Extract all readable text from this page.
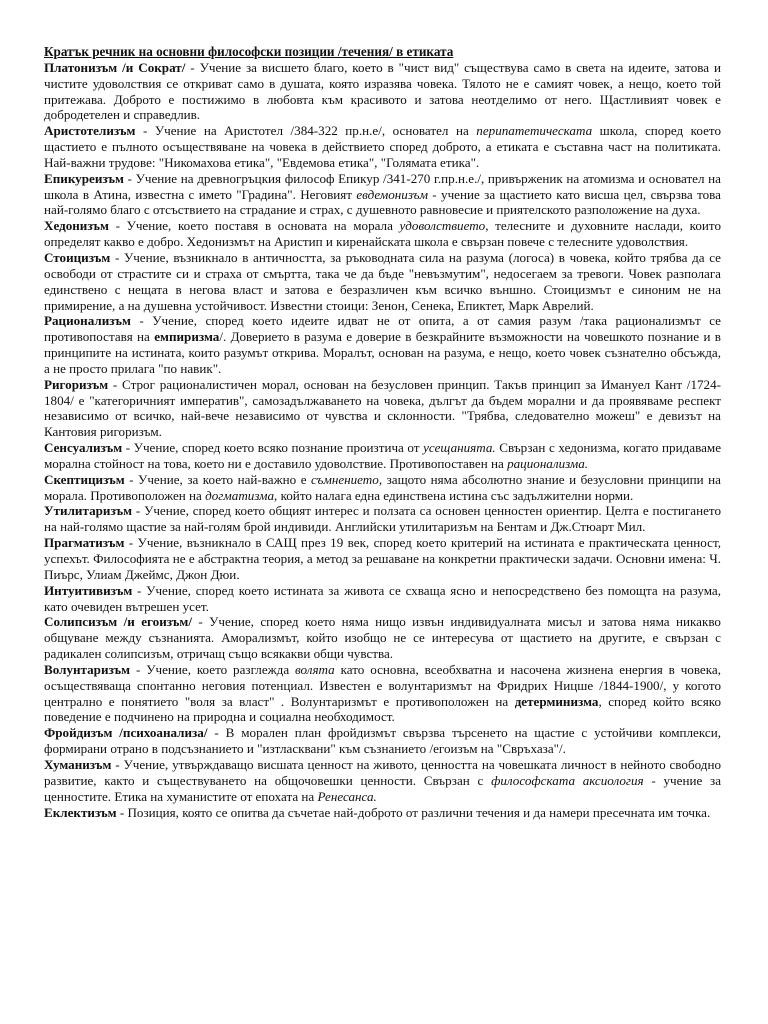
Кратък речник на основни философски позиции /течения/ в етиката

Платонизъм /и Сократ/ - Учение за висшето благо, което в "чист вид" съществува само в света на идеите, затова и чистите удоволствия се откриват само в душата, която изразява човека. Тялото не е самият човек, а нещо, което той притежава. Доброто е постижимо в любовта към красивото и затова неотделимо от него. Щастливият човек е добродетелен и справедлив.

Аристотелизъм - Учение на Аристотел /384-322 пр.н.е/, основател на перипатетическата школа, според което щастието е пълното осъществяване на човека в действието според доброто, а етиката е съставна част на политиката. Най-важни трудове: "Никомахова етика", "Евдемова етика", "Голямата етика".

Епикуреизъм - Учение на древногръцкия философ Епикур /341-270 г.пр.н.е./, привърженик на атомизма и основател на школа в Атина, известна с името "Градина". Неговият евдемонизъм - учение за щастието като висша цел, свързва това най-голямо благо с отсъствието на страдание и страх, с душевното равновесие и приятелското разположение на духа.

Хедонизъм - Учение, което поставя в основата на морала удоволствието, телесните и духовните наслади, които определят какво е добро. Хедонизмът на Аристип и киренайската школа е свързан повече с телесните удоволствия.

Стоицизъм - Учение, възникнало в античността, за ръководната сила на разума (логоса) в човека, който трябва да се освободи от страстите си и страха от смъртта, така че да бъде "невъзмутим", недосегаем за тревоги. Човек разполага единствено с нещата в негова власт и затова е безразличен към всичко външно. Стоицизмът е синоним не на примирение, а на душевна устойчивост. Известни стоици: Зенон, Сенека, Епиктет, Марк Аврелий.

Рационализъм - Учение, според което идеите идват не от опита, а от самия разум /така рационализмът се противопоставя на емпиризма/. Доверието в разума е доверие в безкрайните възможности на човешкото познание и в принципите на истината, които разумът открива. Моралът, основан на разума, е нещо, което човек съзнателно обсъжда, а не просто прилага "по навик".

Ригоризъм - Строг рационалистичен морал, основан на безусловен принцип. Такъв принцип за Имануел Кант /1724-1804/ е "категоричният императив", самозадължаването на човека, дългът да бъдем морални и да проявяваме респект независимо от всичко, най-вече независимо от чувства и склонности. "Трябва, следователно можеш" е девизът на Кантовия ригоризъм.

Сенсуализъм - Учение, според което всяко познание произтича от усещанията. Свързан с хедонизма, когато придаваме морална стойност на това, което ни е доставило удоволствие. Противопоставен на рационализма.

Скептицизъм - Учение, за което най-важно е съмнението, защото няма абсолютно знание и безусловни принципи на морала. Противоположен на догматизма, който налага една единствена истина със задължителни норми.

Утилитаризъм - Учение, според което общият интерес и ползата са основен ценностен ориентир. Целта е постигането на най-голямо щастие за най-голям брой индивиди. Английски утилитаризъм на Бентам и Дж.Стюарт Мил.

Прагматизъм - Учение, възникнало в САЩ през 19 век, според което критерий на истината е практическата ценност, успехът. Философията не е абстрактна теория, а метод за решаване на конкретни практически задачи. Основни имена: Ч. Пиърс, Улиам Джеймс, Джон Дюи.

Интуитивизъм - Учение, според което истината за живота се схваща ясно и непосредствено без помощта на разума, като очевиден вътрешен усет.

Солипсизъм /и егоизъм/ - Учение, според което няма нищо извън индивидуалната мисъл и затова няма никакво общуване между съзнанията. Аморализмът, който изобщо не се интересува от щастието на другите, е свързан с радикален солипсизъм, отричащ също всякакви общи чувства.

Волунтаризъм - Учение, което разглежда волята като основна, всеобхватна и насочена жизнена енергия в човека, осъществяваща спонтанно неговия потенциал. Известен е волунтаризмът на Фридрих Ницше /1844-1900/, у когото централно е понятието "воля за власт" . Волунтаризмът е противоположен на детерминизма, според който всяко поведение е подчинено на природна и социална необходимост.

Фройдизъм /психоанализа/ - В морален план фройдизмът свързва търсенето на щастие с устойчиви комплекси, формирани отрано в подсъзнанието и "изтласквани" към съзнанието /егоизъм на "Свръхаза"/.

Хуманизъм - Учение, утвърждаващо висшата ценност на живото, ценността на човешката личност в нейното свободно развитие, както и съществуването на общочовешки ценности. Свързан с философската аксиология - учение за ценностите. Етика на хуманистите от епохата на Ренесанса.

Еклектизъм - Позиция, която се опитва да съчетае най-доброто от различни течения и да намери пресечната им точка.
